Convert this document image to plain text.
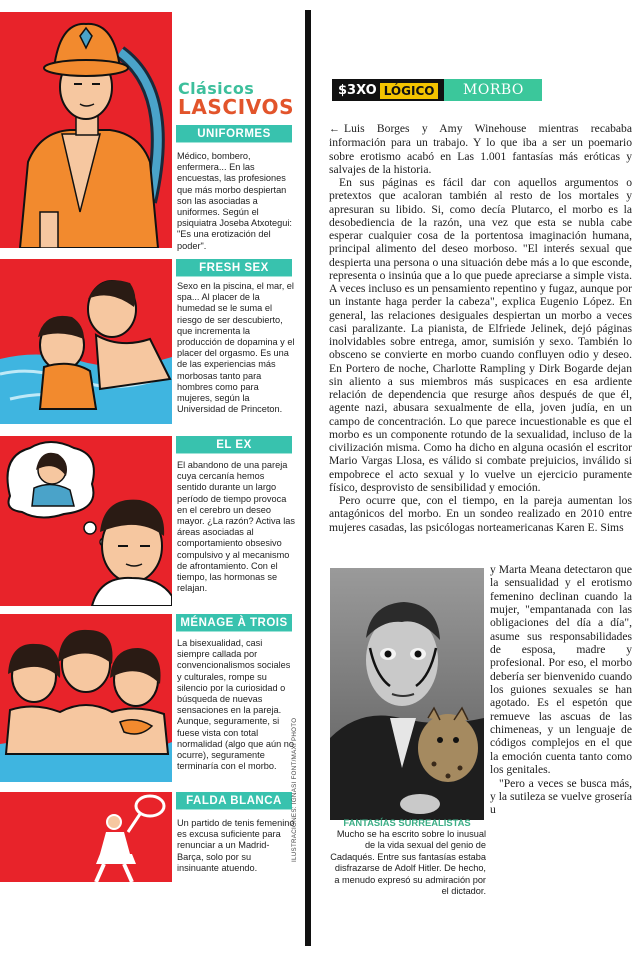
Clásicos
LASCIVOS
UNIFORMES
Médico, bombero, enfermera... En las encuestas, las profesiones que más morbo despiertan son las asociadas a uniformes. Según el psiquiatra Joseba Atxotegui: "Es una erotización del poder".
FRESH SEX
Sexo en la piscina, el mar, el spa... Al placer de la humedad se le suma el riesgo de ser descubierto, que incrementa la producción de dopamina y el placer del orgasmo. Es una de las experiencias más morbosas tanto para hombres como para mujeres, según la Universidad de Princeton.
EL EX
El abandono de una pareja cuya cercanía hemos sentido durante un largo período de tiempo provoca en el cerebro un deseo mayor. ¿La razón? Activa las áreas asociadas al comportamiento obsesivo compulsivo y al mecanismo de afrontamiento. Con el tiempo, las hormonas se relajan.
MÉNAGE À TROIS
La bisexualidad, casi siempre callada por convencionalismos sociales y culturales, rompe su silencio por la curiosidad o búsqueda de nuevas sensaciones en la pareja. Aunque, seguramente, si fuese vista con total normalidad (algo que aún no ocurre), seguramente terminaría con el morbo.
FALDA BLANCA
Un partido de tenis femenino es excusa suficiente para renunciar a un Madrid-Barça, solo por su insinuante atuendo.
ILUSTRACIONES: IGNASI FONT/MAXI PHOTO
$3XO LÓGICO	MORBO

← Luis Borges y Amy Winehouse mientras recababa información para un trabajo. Y lo que iba a ser un poemario sobre erotismo acabó en Las 1.001 fantasías más eróticas y salvajes de la historia.

En sus páginas es fácil dar con aquellos argumentos o pretextos que acaloran también al resto de los mortales y apresuran su libido. Si, como decía Plutarco, el morbo es la desobediencia de la razón, una vez que esta se nubla cabe esperar cualquier cosa de la portentosa imaginación humana, principal alimento del deseo morboso. "El interés sexual que despierta una persona o una situación debe más a lo que esconde, representa o insinúa que a lo que puede apreciarse a simple vista. A veces incluso es un pensamiento repentino y fugaz, aunque por un instante haga perder la cabeza", explica Eugenio López. En general, las relaciones desiguales despiertan un morbo a veces casi paralizante. La pianista, de Elfriede Jelinek, dejó páginas inolvidables sobre entrega, amor, sumisión y sexo. También lo obsceno se convierte en morbo cuando confluyen odio y deseo. En Portero de noche, Charlotte Rampling y Dirk Bogarde dejan sin aliento a sus miembros más suspicaces en esa ardiente relación de dependencia que resurge años después de que él, agente nazi, abusara sexualmente de ella, joven judía, en un campo de concentración. Lo que parece incuestionable es que el morbo es un componente rotundo de la sexualidad, incluso de la civilización misma. Como ha dicho en alguna ocasión el escritor Mario Vargas Llosa, es válido si combate prejuicios, inválido si empobrece el acto sexual y lo vuelve un ejercicio puramente físico, desprovisto de sensibilidad y emoción.

Pero ocurre que, con el tiempo, en la pareja aumentan los antagónicos del morbo. En un sondeo realizado en 2010 entre mujeres casadas, las psicólogas norteamericanas Karen E. Sims

FANTASÍAS SURREALISTAS
Mucho se ha escrito sobre lo inusual de la vida sexual del genio de Cadaqués. Entre sus fantasías estaba disfrazarse de Adolf Hitler. De hecho, a menudo expresó su admiración por el dictador.

y Marta Meana detectaron que la sensualidad y el erotismo femenino declinan cuando la mujer, "empantanada con las obligaciones del día a día", asume sus responsabilidades de esposa, madre y profesional. Por eso, el morbo debería ser bienvenido cuando los guiones sexuales se han agotado. Es el espetón que remueve las ascuas de las chimeneas, y un lenguaje de códigos complejos en el que la emoción cuenta tanto como los genitales.

"Pero a veces se busca más, y la sutileza se vuelve grosería u
